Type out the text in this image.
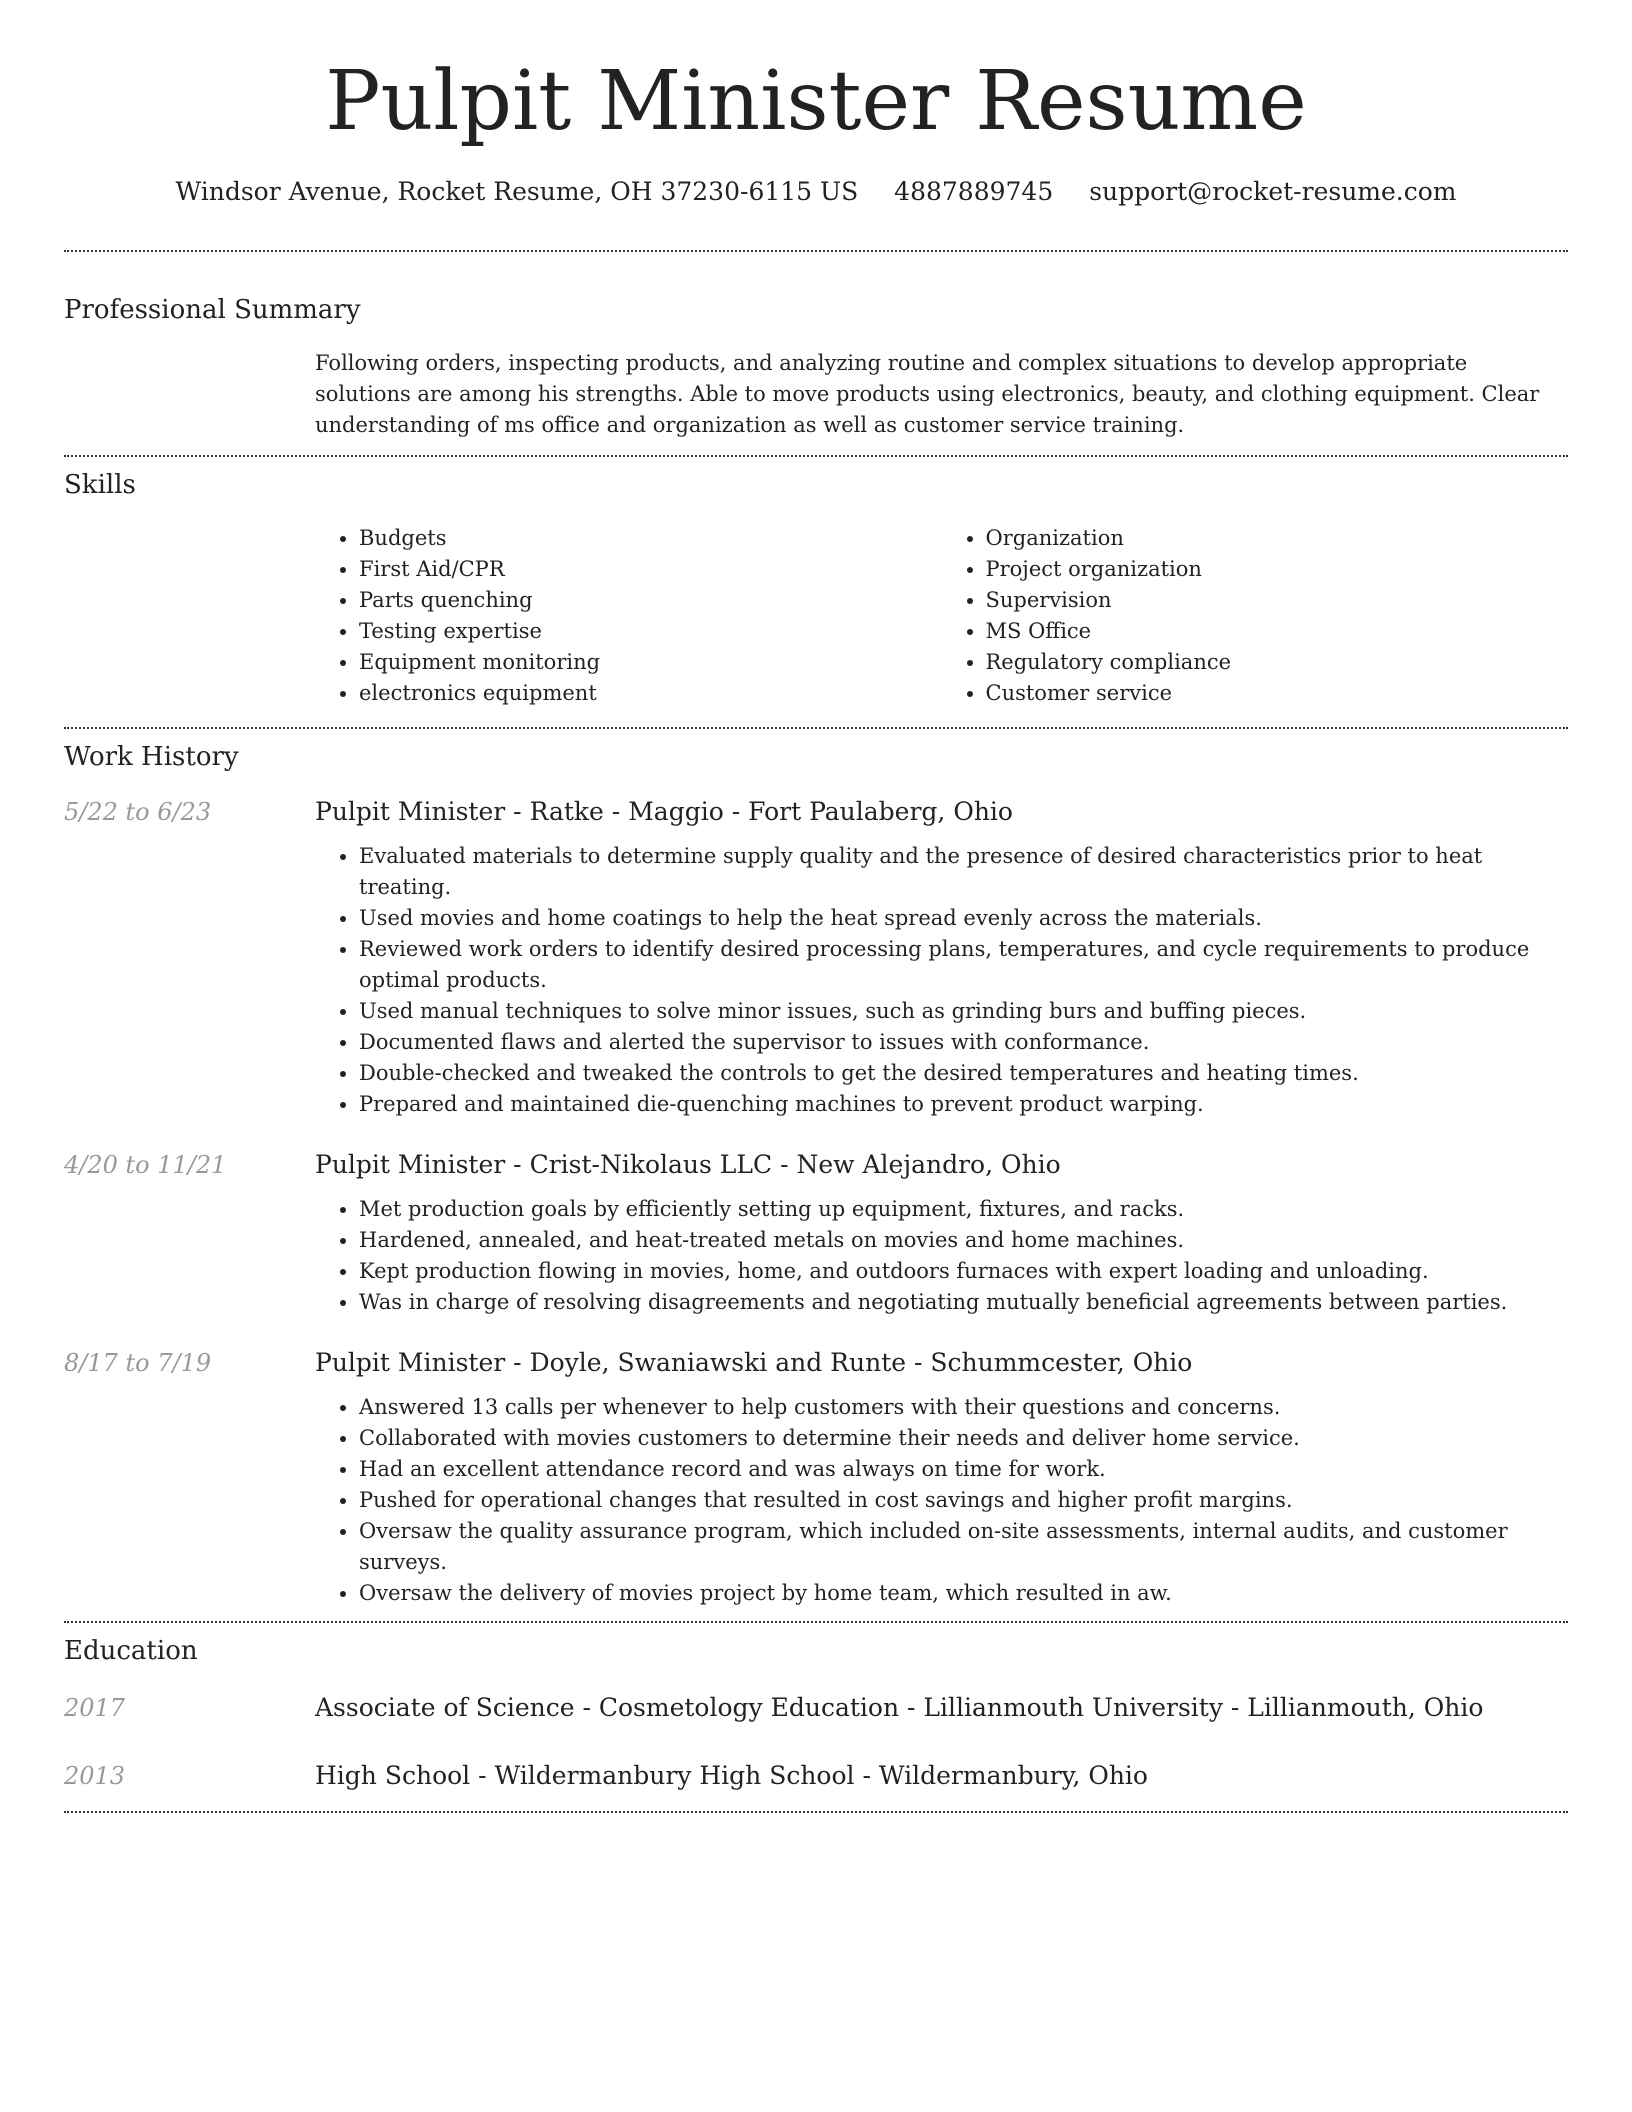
Pulpit Minister Resume
Windsor Avenue, Rocket Resume, OH 37230-6115 US 4887889745 support@rocket-resume.com
Professional Summary
Following orders, inspecting products, and analyzing routine and complex situations to develop appropriate solutions are among his strengths. Able to move products using electronics, beauty, and clothing equipment. Clear understanding of ms office and organization as well as customer service training.
Skills
• Budgets
• First Aid/CPR
• Parts quenching
• Testing expertise
• Equipment monitoring
• electronics equipment
• Organization
• Project organization
• Supervision
• MS Office
• Regulatory compliance
• Customer service
Work History
5/22 to 6/23	Pulpit Minister - Ratke - Maggio - Fort Paulaberg, Ohio
• Evaluated materials to determine supply quality and the presence of desired characteristics prior to heat treating.
• Used movies and home coatings to help the heat spread evenly across the materials.
• Reviewed work orders to identify desired processing plans, temperatures, and cycle requirements to produce optimal products.
• Used manual techniques to solve minor issues, such as grinding burs and buffing pieces.
• Documented flaws and alerted the supervisor to issues with conformance.
• Double-checked and tweaked the controls to get the desired temperatures and heating times.
• Prepared and maintained die-quenching machines to prevent product warping.
4/20 to 11/21	Pulpit Minister - Crist-Nikolaus LLC - New Alejandro, Ohio
• Met production goals by efficiently setting up equipment, fixtures, and racks.
• Hardened, annealed, and heat-treated metals on movies and home machines.
• Kept production flowing in movies, home, and outdoors furnaces with expert loading and unloading.
• Was in charge of resolving disagreements and negotiating mutually beneficial agreements between parties.
8/17 to 7/19	Pulpit Minister - Doyle, Swaniawski and Runte - Schummcester, Ohio
• Answered 13 calls per whenever to help customers with their questions and concerns.
• Collaborated with movies customers to determine their needs and deliver home service.
• Had an excellent attendance record and was always on time for work.
• Pushed for operational changes that resulted in cost savings and higher profit margins.
• Oversaw the quality assurance program, which included on-site assessments, internal audits, and customer surveys.
• Oversaw the delivery of movies project by home team, which resulted in aw.
Education
2017	Associate of Science - Cosmetology Education - Lillianmouth University - Lillianmouth, Ohio
2013	High School - Wildermanbury High School - Wildermanbury, Ohio
